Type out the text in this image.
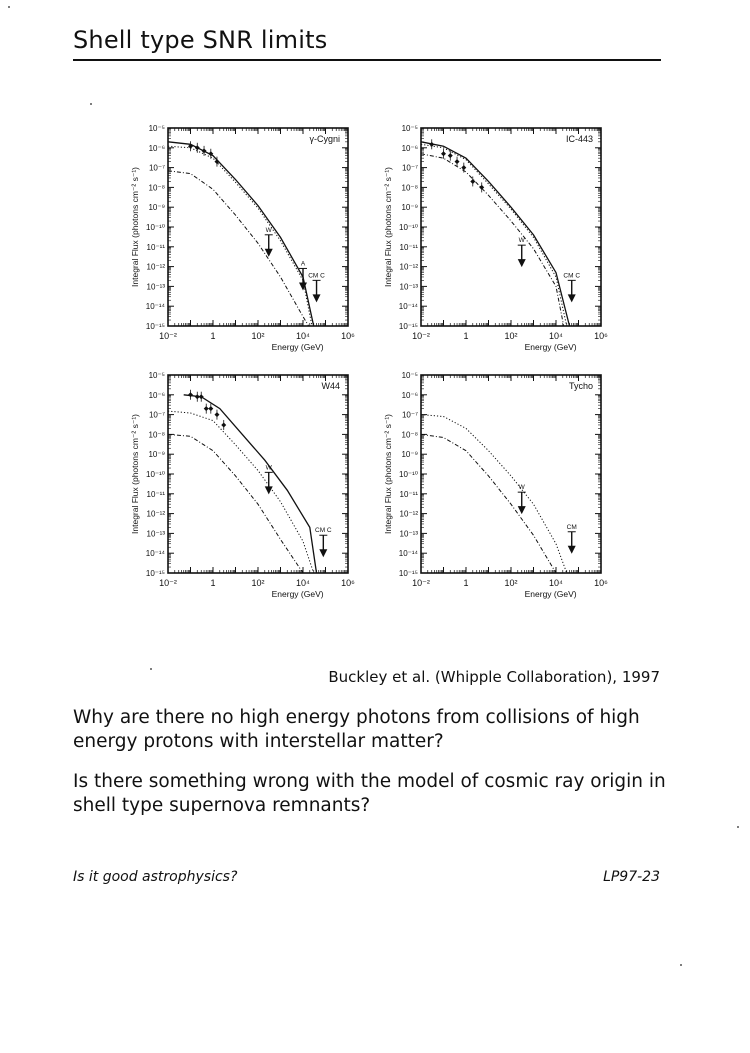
Shell type SNR limits
10⁻²	1	10²	10⁴	10⁶
10⁻⁵
10⁻⁶
10⁻⁷
10⁻⁸
10⁻⁹
10⁻¹⁰
10⁻¹¹
10⁻¹²
10⁻¹³
10⁻¹⁴
10⁻¹⁵
Energy (GeV)
Integral Flux (photons cm⁻² s⁻¹)
γ-Cygni
W
A
CM C
10⁻²	1	10²	10⁴	10⁶
10⁻⁵
10⁻⁶
10⁻⁷
10⁻⁸
10⁻⁹
10⁻¹⁰
10⁻¹¹
10⁻¹²
10⁻¹³
10⁻¹⁴
10⁻¹⁵
Energy (GeV)
Integral Flux (photons cm⁻² s⁻¹)
IC-443
W
CM C
10⁻²	1	10²	10⁴	10⁶
10⁻⁵
10⁻⁶
10⁻⁷
10⁻⁸
10⁻⁹
10⁻¹⁰
10⁻¹¹
10⁻¹²
10⁻¹³
10⁻¹⁴
10⁻¹⁵
Energy (GeV)
Integral Flux (photons cm⁻² s⁻¹)
W44
W
CM C
10⁻²	1	10²	10⁴	10⁶
10⁻⁵
10⁻⁶
10⁻⁷
10⁻⁸
10⁻⁹
10⁻¹⁰
10⁻¹¹
10⁻¹²
10⁻¹³
10⁻¹⁴
10⁻¹⁵
Energy (GeV)
Integral Flux (photons cm⁻² s⁻¹)
Tycho
W
CM
Buckley et al. (Whipple Collaboration), 1997
Why are there no high energy photons from collisions of high energy protons with interstellar matter?
Is there something wrong with the model of cosmic ray origin in shell type supernova remnants?
Is it good astrophysics?	LP97-23
